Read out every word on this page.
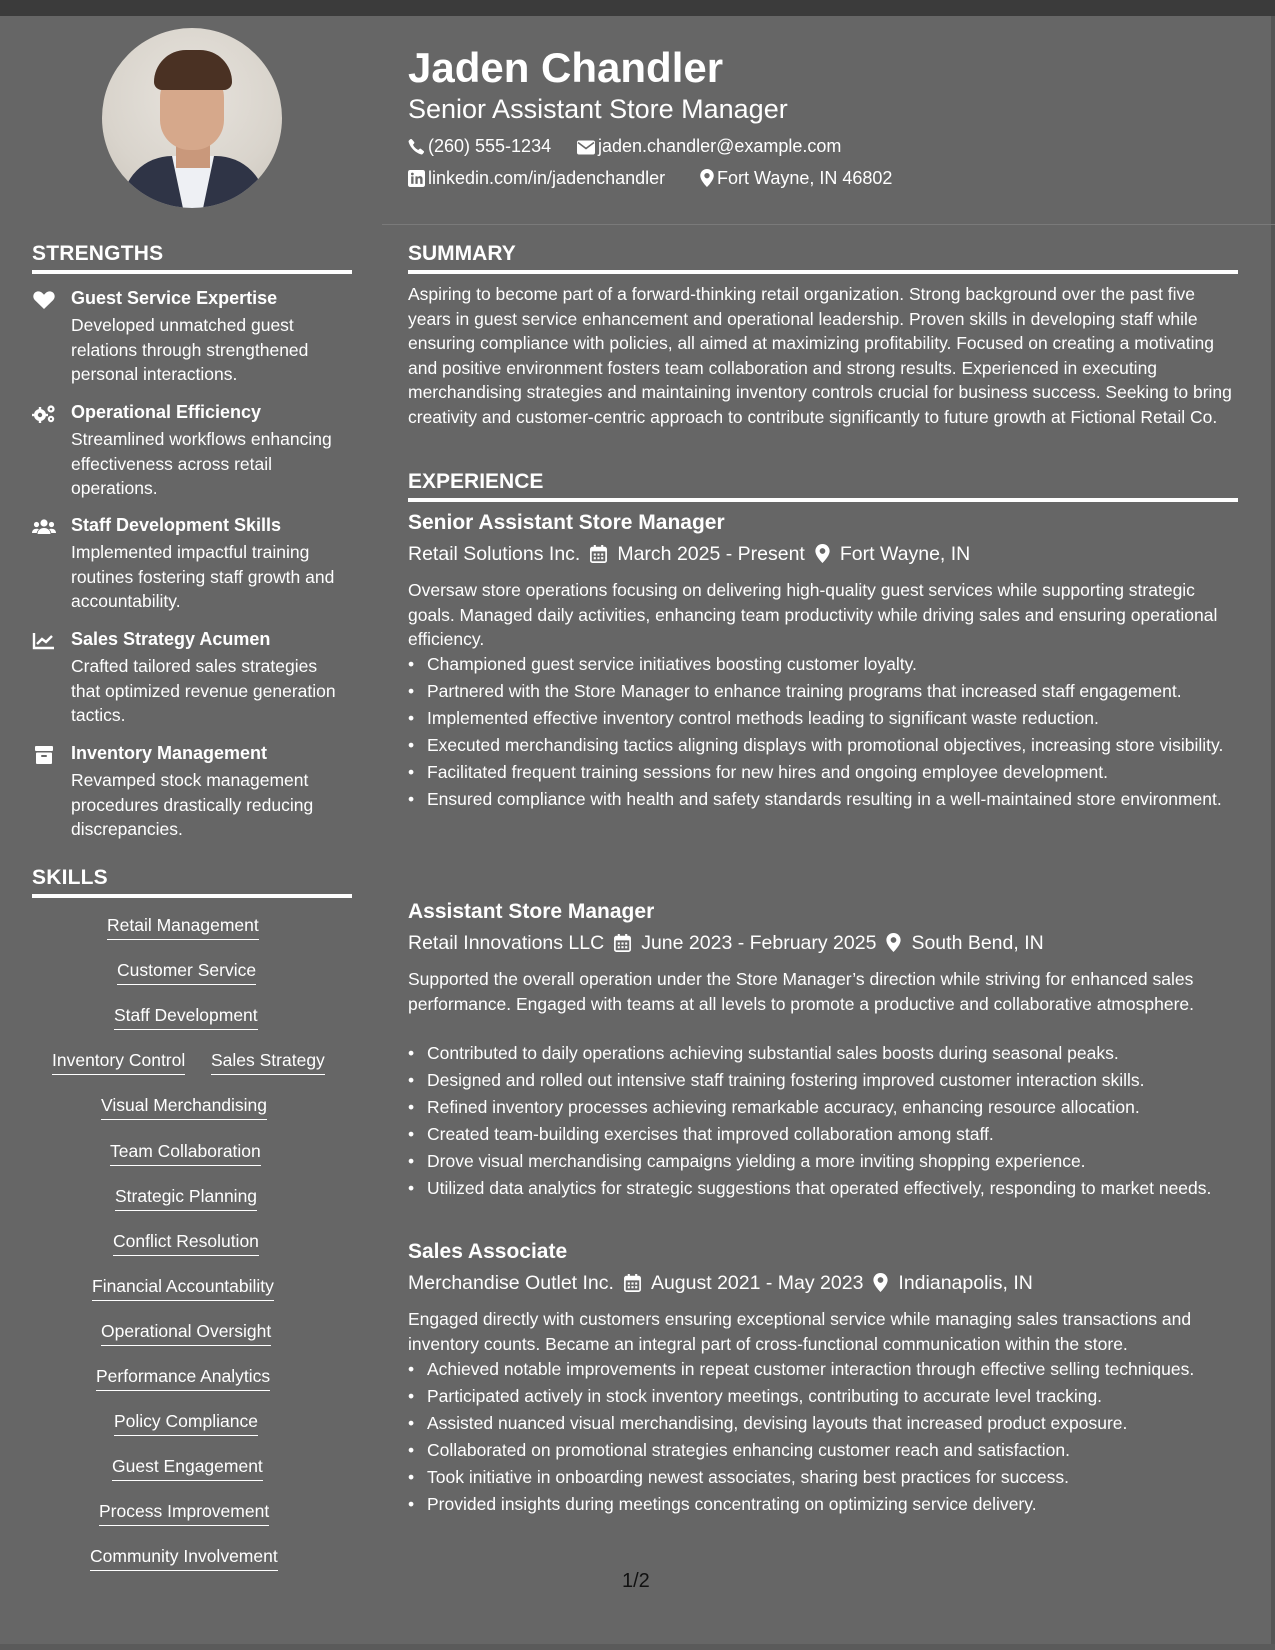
Jaden Chandler
Senior Assistant Store Manager
(260) 555-1234	jaden.chandler@example.com
linkedin.com/in/jadenchandler	Fort Wayne, IN 46802
STRENGTHS
Guest Service Expertise
Developed unmatched guest relations through strengthened personal interactions.
Operational Efficiency
Streamlined workflows enhancing effectiveness across retail operations.
Staff Development Skills
Implemented impactful training routines fostering staff growth and accountability.
Sales Strategy Acumen
Crafted tailored sales strategies that optimized revenue generation tactics.
Inventory Management
Revamped stock management procedures drastically reducing discrepancies.
SKILLS
Retail Management
Customer Service
Staff Development
Inventory Control Sales Strategy
Visual Merchandising
Team Collaboration
Strategic Planning
Conflict Resolution
Financial Accountability
Operational Oversight
Performance Analytics
Policy Compliance
Guest Engagement
Process Improvement
Community Involvement
SUMMARY
Aspiring to become part of a forward-thinking retail organization. Strong background over the past five years in guest service enhancement and operational leadership. Proven skills in developing staff while ensuring compliance with policies, all aimed at maximizing profitability. Focused on creating a motivating and positive environment fosters team collaboration and strong results. Experienced in executing merchandising strategies and maintaining inventory controls crucial for business success. Seeking to bring creativity and customer-centric approach to contribute significantly to future growth at Fictional Retail Co.
EXPERIENCE
Senior Assistant Store Manager
Retail Solutions Inc. March 2025 - Present Fort Wayne, IN
Oversaw store operations focusing on delivering high-quality guest services while supporting strategic goals. Managed daily activities, enhancing team productivity while driving sales and ensuring operational efficiency.
• Championed guest service initiatives boosting customer loyalty.
• Partnered with the Store Manager to enhance training programs that increased staff engagement.
• Implemented effective inventory control methods leading to significant waste reduction.
• Executed merchandising tactics aligning displays with promotional objectives, increasing store visibility.
• Facilitated frequent training sessions for new hires and ongoing employee development.
• Ensured compliance with health and safety standards resulting in a well-maintained store environment.
Assistant Store Manager
Retail Innovations LLC June 2023 - February 2025 South Bend, IN
Supported the overall operation under the Store Manager’s direction while striving for enhanced sales performance. Engaged with teams at all levels to promote a productive and collaborative atmosphere.
• Contributed to daily operations achieving substantial sales boosts during seasonal peaks.
• Designed and rolled out intensive staff training fostering improved customer interaction skills.
• Refined inventory processes achieving remarkable accuracy, enhancing resource allocation.
• Created team-building exercises that improved collaboration among staff.
• Drove visual merchandising campaigns yielding a more inviting shopping experience.
• Utilized data analytics for strategic suggestions that operated effectively, responding to market needs.
Sales Associate
Merchandise Outlet Inc. August 2021 - May 2023 Indianapolis, IN
Engaged directly with customers ensuring exceptional service while managing sales transactions and inventory counts. Became an integral part of cross-functional communication within the store.
• Achieved notable improvements in repeat customer interaction through effective selling techniques.
• Participated actively in stock inventory meetings, contributing to accurate level tracking.
• Assisted nuanced visual merchandising, devising layouts that increased product exposure.
• Collaborated on promotional strategies enhancing customer reach and satisfaction.
• Took initiative in onboarding newest associates, sharing best practices for success.
• Provided insights during meetings concentrating on optimizing service delivery.
1/2
